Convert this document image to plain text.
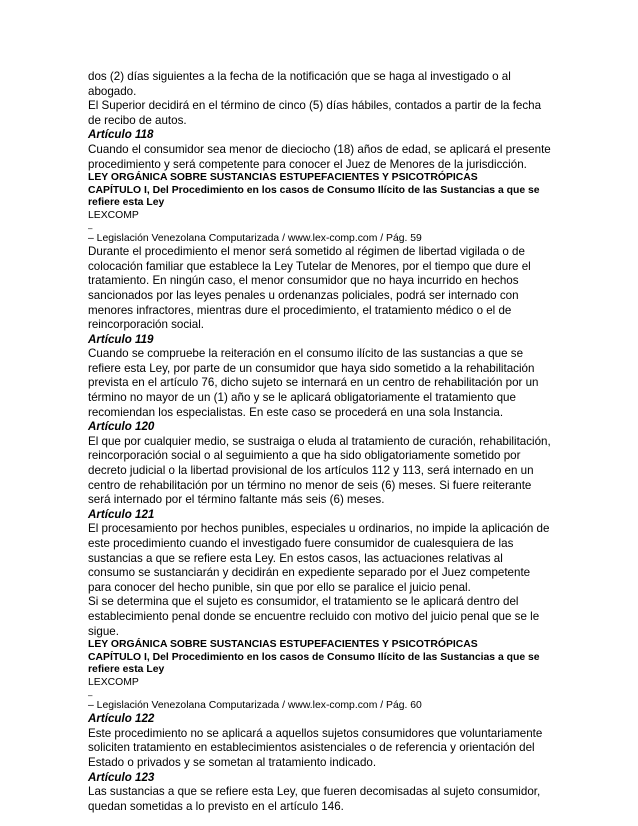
dos (2) días siguientes a la fecha de la notificación que se haga al investigado o al
abogado.

El Superior decidirá en el término de cinco (5) días hábiles, contados a partir de la fecha
de recibo de autos.

Artículo 118

Cuando el consumidor sea menor de dieciocho (18) años de edad, se aplicará el presente
procedimiento y será competente para conocer el Juez de Menores de la jurisdicción.

LEY ORGÁNICA SOBRE SUSTANCIAS ESTUPEFACIENTES Y PSICOTRÓPICAS

CAPÍTULO I, Del Procedimiento en los casos de Consumo Ilícito de las Sustancias a que se
refiere esta Ley

LEXCOMP

–

– Legislación Venezolana Computarizada / www.lex-comp.com / Pág. 59

Durante el procedimiento el menor será sometido al régimen de libertad vigilada o de
colocación familiar que establece la Ley Tutelar de Menores, por el tiempo que dure el
tratamiento. En ningún caso, el menor consumidor que no haya incurrido en hechos
sancionados por las leyes penales u ordenanzas policiales, podrá ser internado con
menores infractores, mientras dure el procedimiento, el tratamiento médico o el de
reincorporación social.

Artículo 119

Cuando se compruebe la reiteración en el consumo ilícito de las sustancias a que se
refiere esta Ley, por parte de un consumidor que haya sido sometido a la rehabilitación
prevista en el artículo 76, dicho sujeto se internará en un centro de rehabilitación por un
término no mayor de un (1) año y se le aplicará obligatoriamente el tratamiento que
recomiendan los especialistas. En este caso se procederá en una sola Instancia.

Artículo 120

El que por cualquier medio, se sustraiga o eluda al tratamiento de curación, rehabilitación,
reincorporación social o al seguimiento a que ha sido obligatoriamente sometido por
decreto judicial o la libertad provisional de los artículos 112 y 113, será internado en un
centro de rehabilitación por un término no menor de seis (6) meses. Si fuere reiterante
será internado por el término faltante más seis (6) meses.

Artículo 121

El procesamiento por hechos punibles, especiales u ordinarios, no impide la aplicación de
este procedimiento cuando el investigado fuere consumidor de cualesquiera de las
sustancias a que se refiere esta Ley. En estos casos, las actuaciones relativas al
consumo se sustanciarán y decidirán en expediente separado por el Juez competente
para conocer del hecho punible, sin que por ello se paralice el juicio penal.

Si se determina que el sujeto es consumidor, el tratamiento se le aplicará dentro del
establecimiento penal donde se encuentre recluido con motivo del juicio penal que se le
sigue.

LEY ORGÁNICA SOBRE SUSTANCIAS ESTUPEFACIENTES Y PSICOTRÓPICAS

CAPÍTULO I, Del Procedimiento en los casos de Consumo Ilícito de las Sustancias a que se
refiere esta Ley

LEXCOMP

–

– Legislación Venezolana Computarizada / www.lex-comp.com / Pág. 60

Artículo 122

Este procedimiento no se aplicará a aquellos sujetos consumidores que voluntariamente
soliciten tratamiento en establecimientos asistenciales o de referencia y orientación del
Estado o privados y se sometan al tratamiento indicado.

Artículo 123

Las sustancias a que se refiere esta Ley, que fueren decomisadas al sujeto consumidor,
quedan sometidas a lo previsto en el artículo 146.
